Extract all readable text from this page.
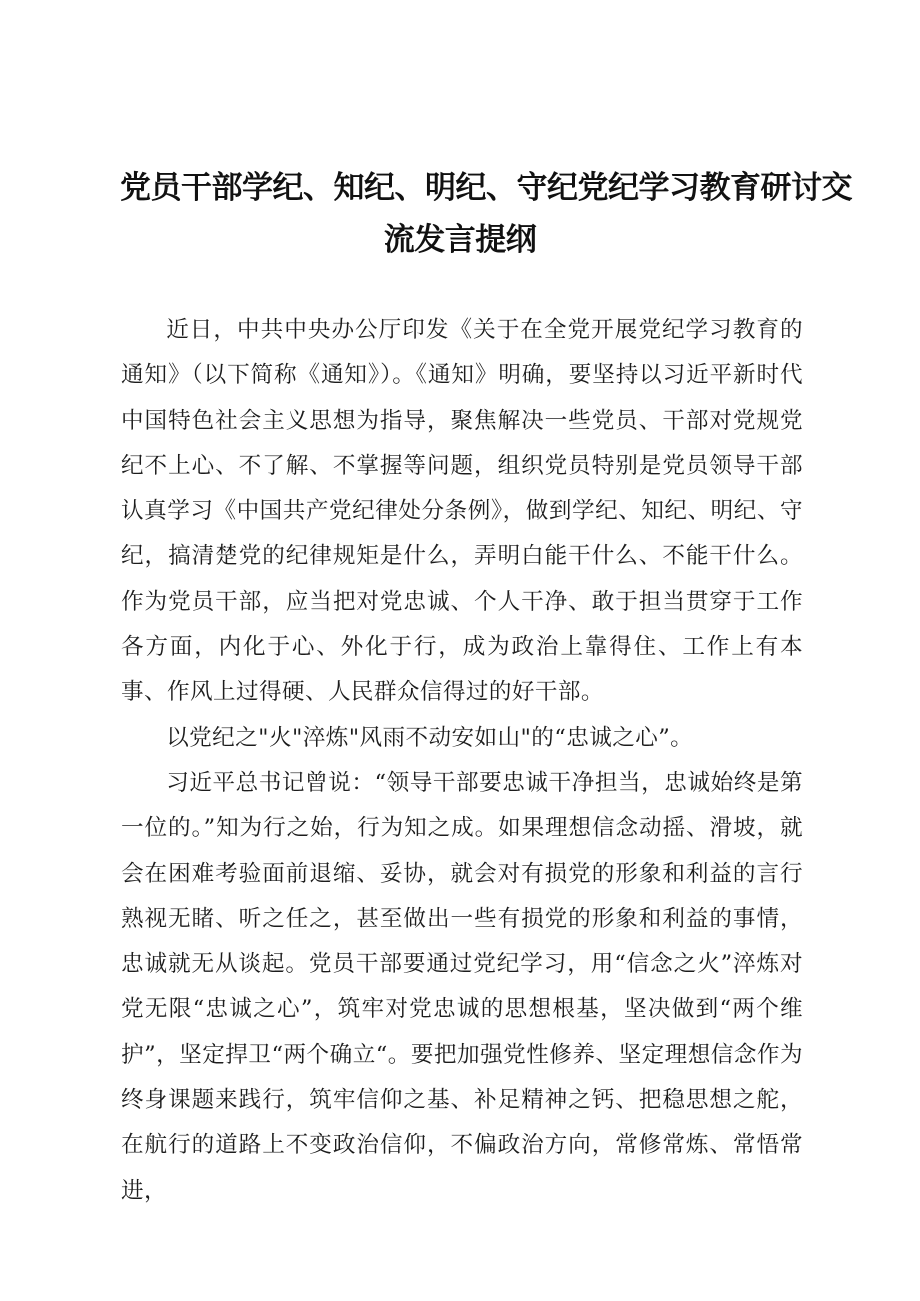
党员干部学纪、知纪、明纪、守纪党纪学习教育研讨交
流发言提纲

近日，中共中央办公厅印发《关于在全党开展党纪学习教育的通知》（以下简称《通知》）。《通知》明确，要坚持以习近平新时代中国特色社会主义思想为指导，聚焦解决一些党员、干部对党规党纪不上心、不了解、不掌握等问题，组织党员特别是党员领导干部认真学习《中国共产党纪律处分条例》，做到学纪、知纪、明纪、守纪，搞清楚党的纪律规矩是什么，弄明白能干什么、不能干什么。作为党员干部，应当把对党忠诚、个人干净、敢于担当贯穿于工作各方面，内化于心、外化于行，成为政治上靠得住、工作上有本事、作风上过得硬、人民群众信得过的好干部。

以党纪之"火"淬炼"风雨不动安如山"的“忠诚之心”。

习近平总书记曾说：“领导干部要忠诚干净担当，忠诚始终是第一位的。”知为行之始，行为知之成。如果理想信念动摇、滑坡，就会在困难考验面前退缩、妥协，就会对有损党的形象和利益的言行熟视无睹、听之任之，甚至做出一些有损党的形象和利益的事情，忠诚就无从谈起。党员干部要通过党纪学习，用“信念之火”淬炼对党无限“忠诚之心”，筑牢对党忠诚的思想根基，坚决做到“两个维护”，坚定捍卫“两个确立“。要把加强党性修养、坚定理想信念作为终身课题来践行，筑牢信仰之基、补足精神之钙、把稳思想之舵，在航行的道路上不变政治信仰，不偏政治方向，常修常炼、常悟常进，
